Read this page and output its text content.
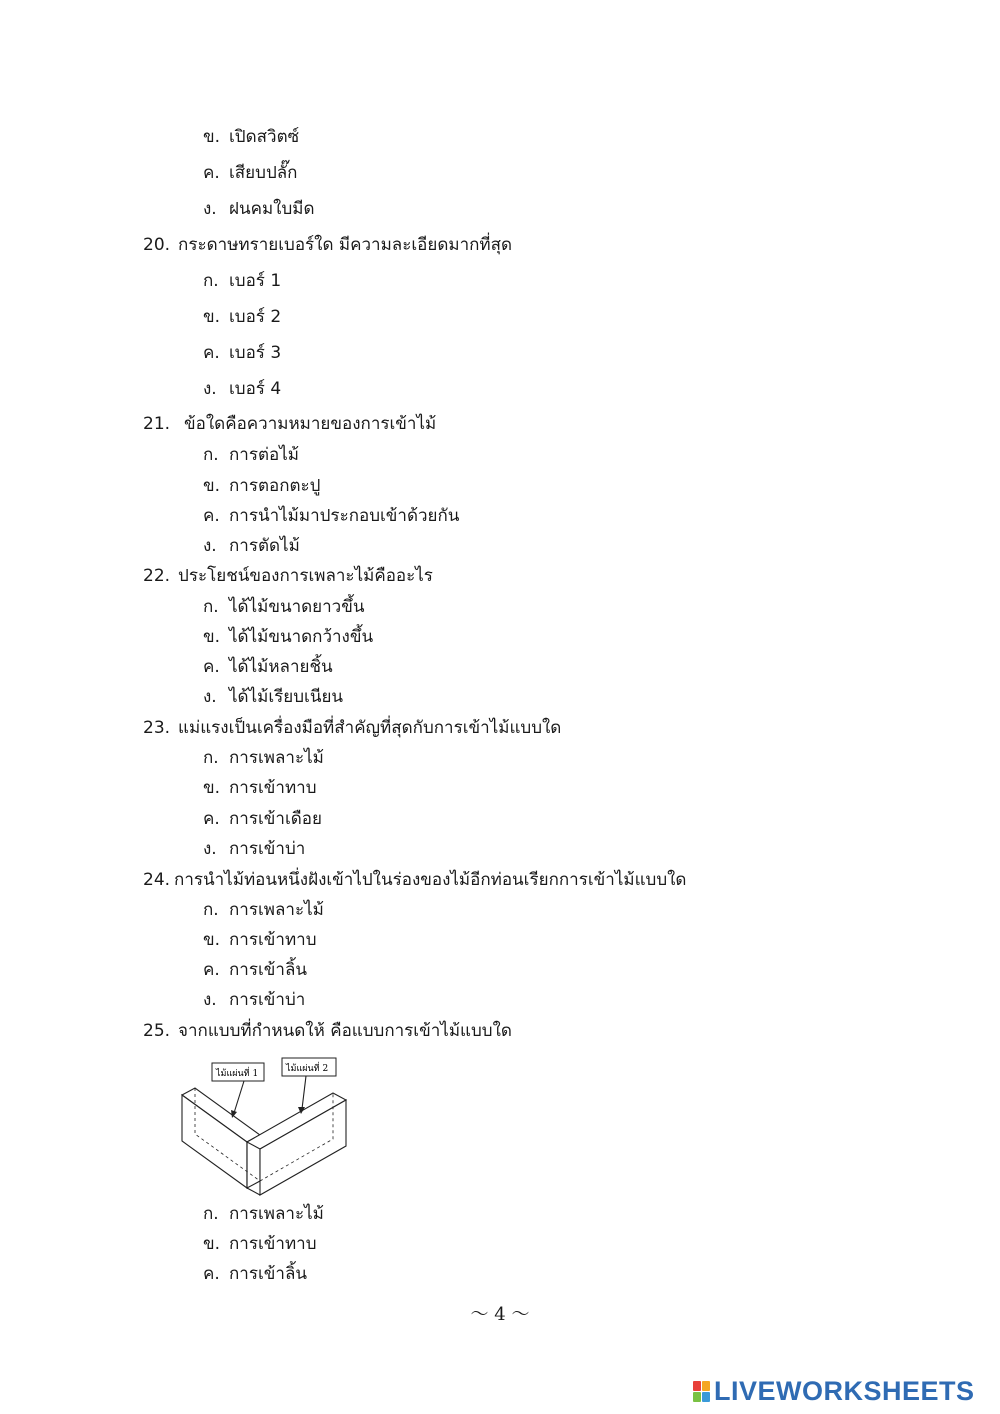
ข. เปิดสวิตซ์
ค. เสียบปลั๊ก
ง. ฝนคมใบมีด
20. กระดาษทรายเบอร์ใด มีความละเอียดมากที่สุด
ก. เบอร์ 1
ข. เบอร์ 2
ค. เบอร์ 3
ง. เบอร์ 4
21. ข้อใดคือความหมายของการเข้าไม้
ก. การต่อไม้
ข. การตอกตะปู
ค. การนำไม้มาประกอบเข้าด้วยกัน
ง. การตัดไม้
22. ประโยชน์ของการเพลาะไม้คืออะไร
ก. ได้ไม้ขนาดยาวขึ้น
ข. ได้ไม้ขนาดกว้างขึ้น
ค. ได้ไม้หลายชิ้น
ง. ได้ไม้เรียบเนียน
23. แม่แรงเป็นเครื่องมือที่สำคัญที่สุดกับการเข้าไม้แบบใด
ก. การเพลาะไม้
ข. การเข้าทาบ
ค. การเข้าเดือย
ง. การเข้าบ่า
24. การนำไม้ท่อนหนึ่งฝังเข้าไปในร่องของไม้อีกท่อนเรียกการเข้าไม้แบบใด
ก. การเพลาะไม้
ข. การเข้าทาบ
ค. การเข้าลิ้น
ง. การเข้าบ่า
25. จากแบบที่กำหนดให้ คือแบบการเข้าไม้แบบใด
ไม้แผ่นที่ 1	ไม้แผ่นที่ 2
ก. การเพลาะไม้
ข. การเข้าทาบ
ค. การเข้าลิ้น
～ 4 ～
LIVEWORKSHEETS
